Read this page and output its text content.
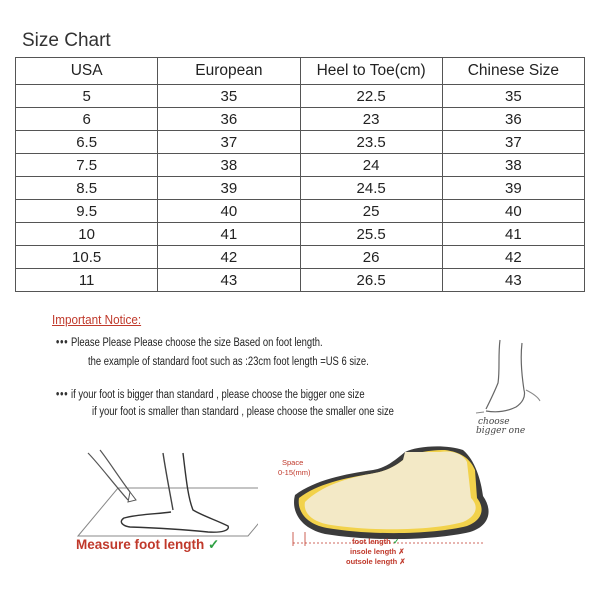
Size Chart
USA	European	Heel to Toe(cm)	Chinese Size
5	35	22.5	35
6	36	23	36
6.5	37	23.5	37
7.5	38	24	38
8.5	39	24.5	39
9.5	40	25	40
10	41	25.5	41
10.5	42	26	42
11	43	26.5	43
Important Notice:
••• Please Please Please choose the size Based on foot length.
the example of standard foot such as :23cm foot length =US 6 size.
••• if your foot is bigger than standard , please choose the bigger one size
if your foot is smaller than standard , please choose the smaller one size
choose
bigger one
Measure foot length ✓
Space
0-15(mm)
foot length ✓
insole length ✗
outsole length ✗
